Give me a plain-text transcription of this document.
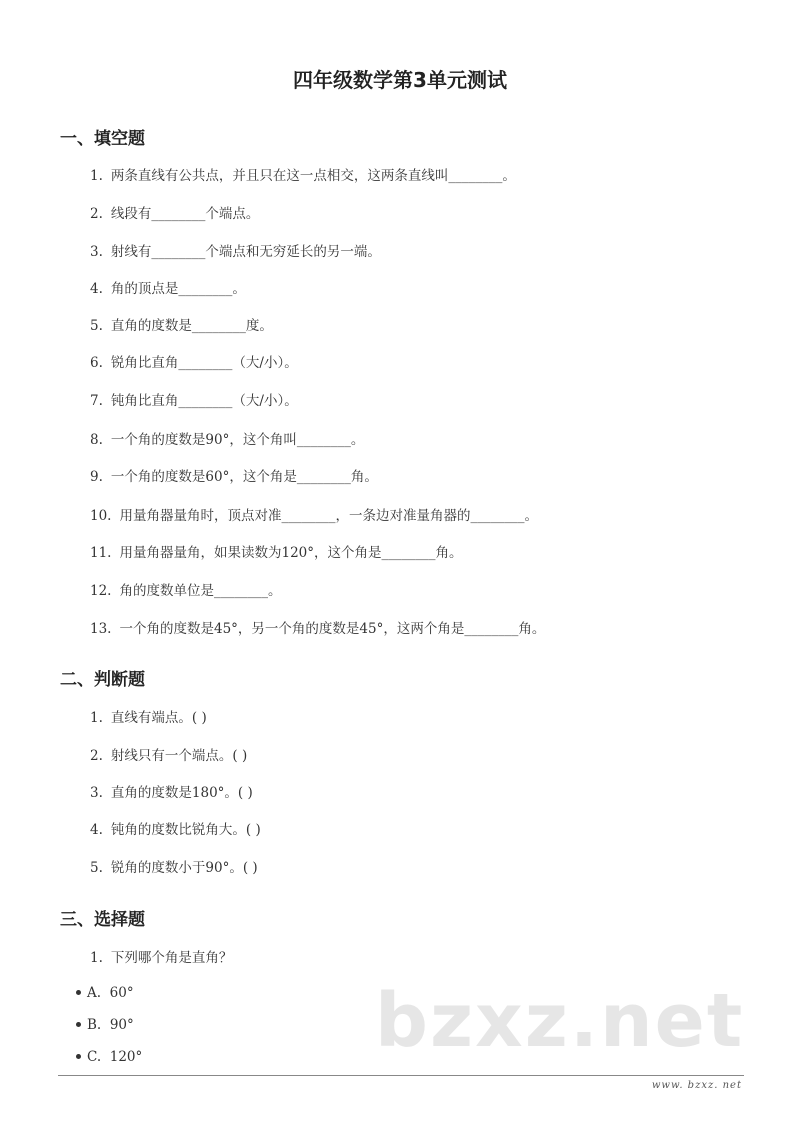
四年级数学第3单元测试
一、填空题
1. 两条直线有公共点，并且只在这一点相交，这两条直线叫________。
2. 线段有________个端点。
3. 射线有________个端点和无穷延长的另一端。
4. 角的顶点是________。
5. 直角的度数是________度。
6. 锐角比直角________（大/小）。
7. 钝角比直角________（大/小）。
8. 一个角的度数是90°，这个角叫________。
9. 一个角的度数是60°，这个角是________角。
10. 用量角器量角时，顶点对准________，一条边对准量角器的________。
11. 用量角器量角，如果读数为120°，这个角是________角。
12. 角的度数单位是________。
13. 一个角的度数是45°，另一个角的度数是45°，这两个角是________角。
二、判断题
1. 直线有端点。( )
2. 射线只有一个端点。( )
3. 直角的度数是180°。( )
4. 钝角的度数比锐角大。( )
5. 锐角的度数小于90°。( )
三、选择题
1. 下列哪个角是直角？
A. 60°
B. 90°
C. 120°	bzxz.net
www. bzxz. net
